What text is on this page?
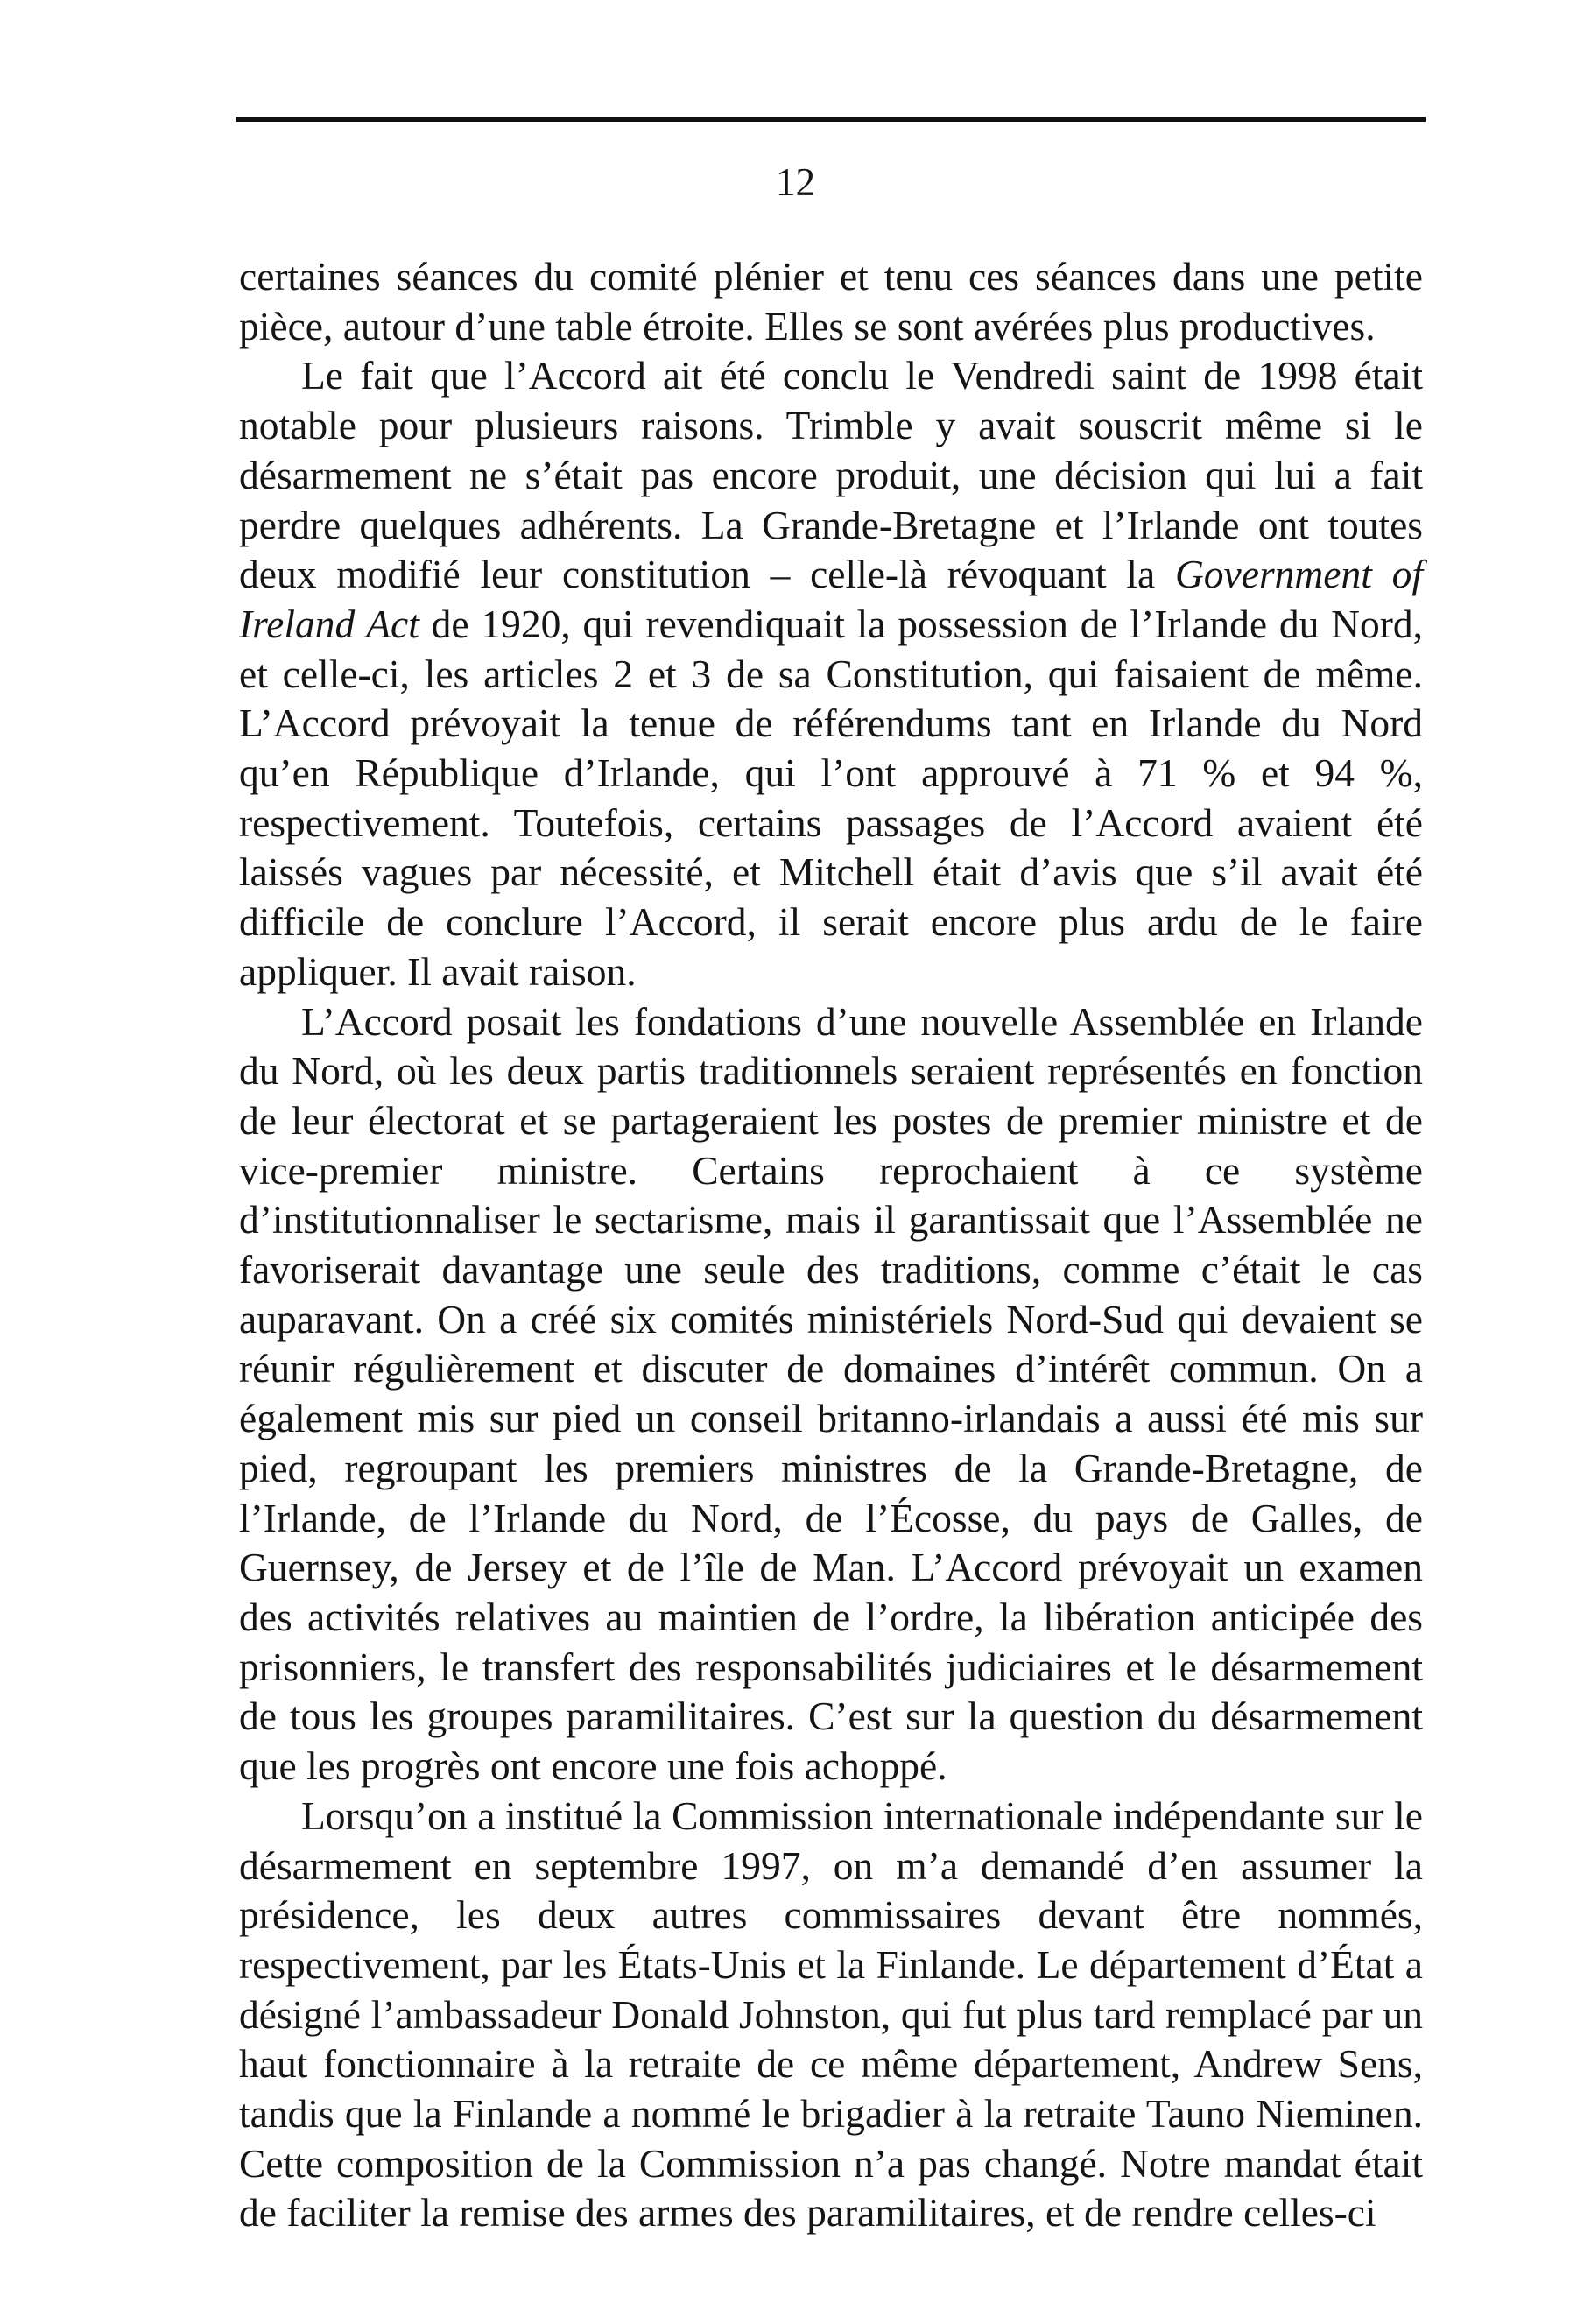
12

certaines séances du comité plénier et tenu ces séances dans une petite pièce, autour d’une table étroite. Elles se sont avérées plus productives.

Le fait que l’Accord ait été conclu le Vendredi saint de 1998 était notable pour plusieurs raisons. Trimble y avait souscrit même si le désarmement ne s’était pas encore produit, une décision qui lui a fait perdre quelques adhérents. La Grande-Bretagne et l’Irlande ont toutes deux modifié leur constitution – celle-là révoquant la Government of Ireland Act de 1920, qui revendiquait la possession de l’Irlande du Nord, et celle-ci, les articles 2 et 3 de sa Constitution, qui faisaient de même. L’Accord prévoyait la tenue de référendums tant en Irlande du Nord qu’en République d’Irlande, qui l’ont approuvé à 71 % et 94 %, respectivement. Toutefois, certains passages de l’Accord avaient été laissés vagues par nécessité, et Mitchell était d’avis que s’il avait été difficile de conclure l’Accord, il serait encore plus ardu de le faire appliquer. Il avait raison.

L’Accord posait les fondations d’une nouvelle Assemblée en Irlande du Nord, où les deux partis traditionnels seraient représentés en fonction de leur électorat et se partageraient les postes de premier ministre et de vice-premier ministre. Certains reprochaient à ce système d’institutionnaliser le sectarisme, mais il garantissait que l’Assemblée ne favoriserait davantage une seule des traditions, comme c’était le cas auparavant. On a créé six comités ministériels Nord-Sud qui devaient se réunir régulièrement et discuter de domaines d’intérêt commun. On a également mis sur pied un conseil britanno-irlandais a aussi été mis sur pied, regroupant les premiers ministres de la Grande-Bretagne, de l’Irlande, de l’Irlande du Nord, de l’Écosse, du pays de Galles, de Guernsey, de Jersey et de l’île de Man. L’Accord prévoyait un examen des activités relatives au maintien de l’ordre, la libération anticipée des prisonniers, le transfert des responsabilités judiciaires et le désarmement de tous les groupes paramilitaires. C’est sur la question du désarmement que les progrès ont encore une fois achoppé.

Lorsqu’on a institué la Commission internationale indépendante sur le désarmement en septembre 1997, on m’a demandé d’en assumer la présidence, les deux autres commissaires devant être nommés, respectivement, par les États-Unis et la Finlande. Le département d’État a désigné l’ambassadeur Donald Johnston, qui fut plus tard remplacé par un haut fonctionnaire à la retraite de ce même département, Andrew Sens, tandis que la Finlande a nommé le brigadier à la retraite Tauno Nieminen. Cette composition de la Commission n’a pas changé. Notre mandat était de faciliter la remise des armes des paramilitaires, et de rendre celles-ci
